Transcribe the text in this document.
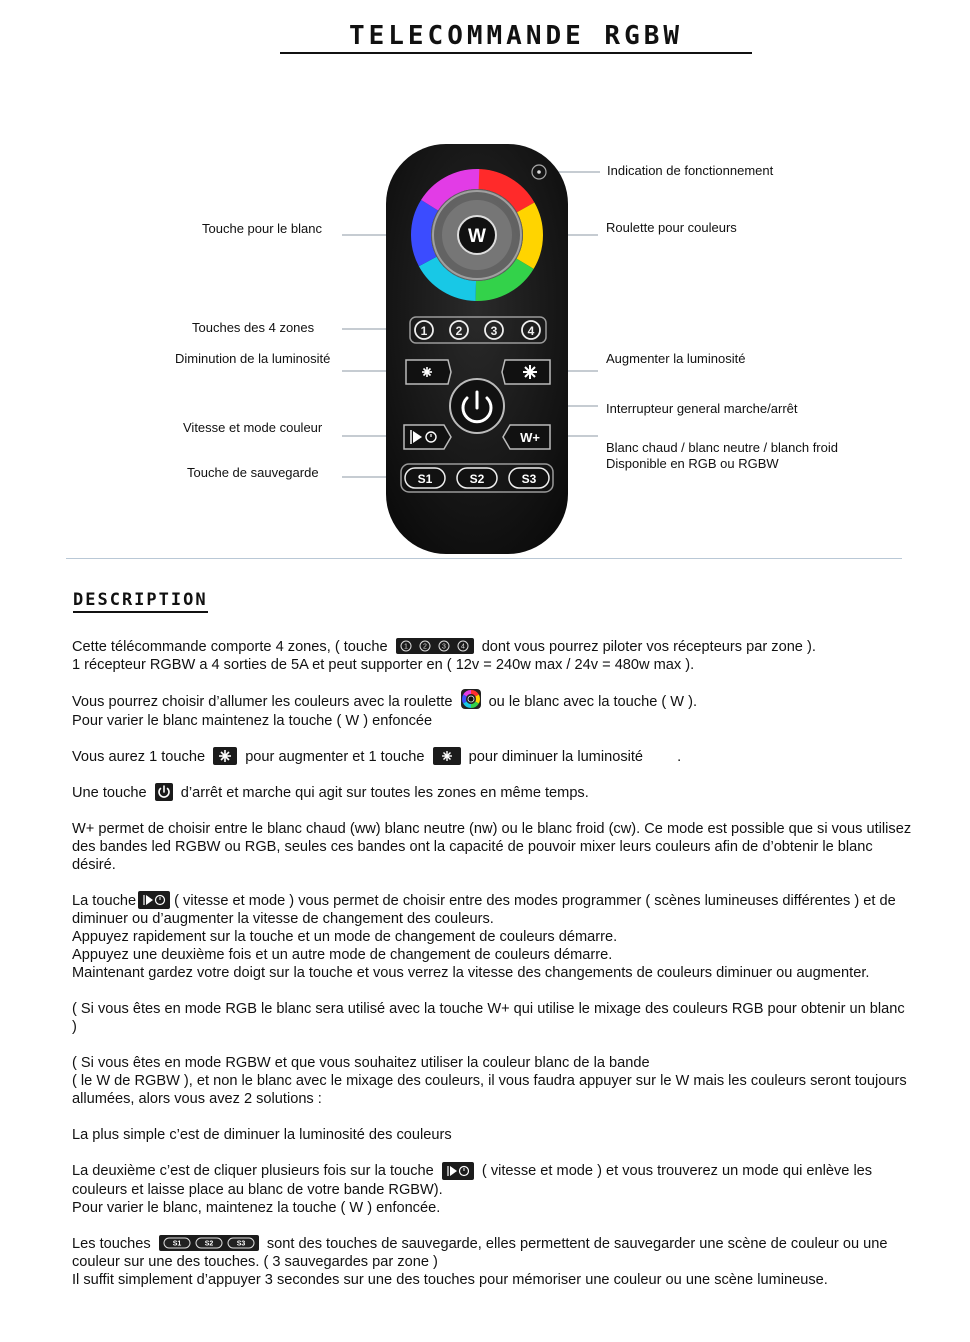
TELECOMMANDE RGBW
W
1 2 3	4
W+
S1	S2	S3
Indication de fonctionnement
Touche pour le blanc	Roulette pour couleurs
Touches des 4 zones
Diminution de la luminosité	Augmenter la luminosité
Interrupteur general marche/arrêt
Vitesse et mode couleur
Blanc chaud / blanc neutre / blanch froid
Disponible en RGB ou RGBW
Touche de sauvegarde
DESCRIPTION

Cette télécommande comporte 4 zones, ( touche 1 2 3 4 dont vous pourrez piloter vos récepteurs par zone ).
1 récepteur RGBW a 4 sorties de 5A et peut supporter en ( 12v = 240w max / 24v = 480w max ).

Vous pourrez choisir d’allumer les couleurs avec la roulette ou le blanc avec la touche ( W ).
Pour varier le blanc maintenez la touche ( W ) enfoncée

Vous aurez 1 touche	pour augmenter et 1 touche	pour diminuer la luminosité .

Une touche d’arrêt et marche qui agit sur toutes les zones en même temps.

W+ permet de choisir entre le blanc chaud (ww) blanc neutre (nw) ou le blanc froid (cw). Ce mode est possible que si vous utilisez des bandes led RGBW ou RGB, seules ces bandes ont la capacité de pouvoir mixer leurs couleurs afin de d’obtenir le blanc désiré.

La touche	( vitesse et mode ) vous permet de choisir entre des modes programmer ( scènes lumineuses différentes ) et de diminuer ou d’augmenter la vitesse de changement des couleurs.
Appuyez rapidement sur la touche et un mode de changement de couleurs démarre.
Appuyez une deuxième fois et un autre mode de changement de couleurs démarre.
Maintenant gardez votre doigt sur la touche et vous verrez la vitesse des changements de couleurs diminuer ou augmenter.

( Si vous êtes en mode RGB le blanc sera utilisé avec la touche W+ qui utilise le mixage des couleurs RGB pour obtenir un blanc )

( Si vous êtes en mode RGBW et que vous souhaitez utiliser la couleur blanc de la bande
( le W de RGBW ), et non le blanc avec le mixage des couleurs, il vous faudra appuyer sur le W mais les couleurs seront toujours allumées, alors vous avez 2 solutions :

La plus simple c’est de diminuer la luminosité des couleurs

La deuxième c’est de cliquer plusieurs fois sur la touche	( vitesse et mode ) et vous trouverez un mode qui enlève les couleurs et laisse place au blanc de votre bande RGBW).
Pour varier le blanc, maintenez la touche ( W ) enfoncée.

Les touches	S1	S2	S3 sont des touches de sauvegarde, elles permettent de sauvegarder une scène de couleur ou une couleur sur une des touches. ( 3 sauvegardes par zone )
Il suffit simplement d’appuyer 3 secondes sur une des touches pour mémoriser une couleur ou une scène lumineuse.
